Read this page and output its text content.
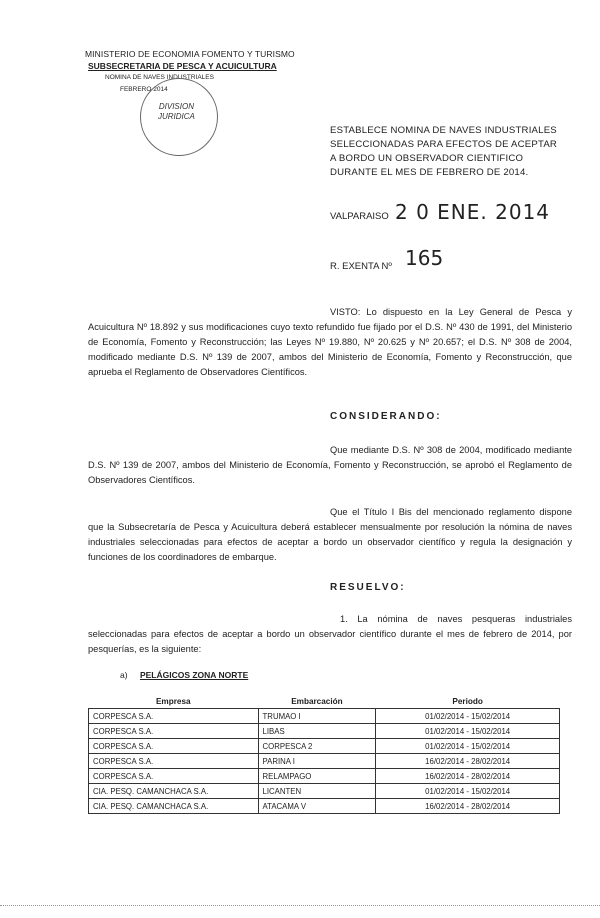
MINISTERIO DE ECONOMIA FOMENTO Y TURISMO
SUBSECRETARIA DE PESCA Y ACUICULTURA
NOMINA DE NAVES INDUSTRIALES
FEBRERO 2014
DIVISION
JURIDICA
ESTABLECE NOMINA DE NAVES INDUSTRIALES SELECCIONADAS PARA EFECTOS DE ACEPTAR A BORDO UN OBSERVADOR CIENTIFICO DURANTE EL MES DE FEBRERO DE 2014.
VALPARAISO 2 0 ENE. 2014
R. EXENTA Nº 165
VISTO: Lo dispuesto en la Ley General de Pesca y Acuicultura Nº 18.892 y sus modificaciones cuyo texto refundido fue fijado por el D.S. Nº 430 de 1991, del Ministerio de Economía, Fomento y Reconstrucción; las Leyes Nº 19.880, Nº 20.625 y Nº 20.657; el D.S. Nº 308 de 2004, modificado mediante D.S. Nº 139 de 2007, ambos del Ministerio de Economía, Fomento y Reconstrucción, que aprueba el Reglamento de Observadores Científicos.
CONSIDERANDO:
Que mediante D.S. Nº 308 de 2004, modificado mediante D.S. Nº 139 de 2007, ambos del Ministerio de Economía, Fomento y Reconstrucción, se aprobó el Reglamento de Observadores Científicos.
Que el Título I Bis del mencionado reglamento dispone que la Subsecretaría de Pesca y Acuicultura deberá establecer mensualmente por resolución la nómina de naves industriales seleccionadas para efectos de aceptar a bordo un observador científico y regula la designación y funciones de los coordinadores de embarque.
RESUELVO:
1. La nómina de naves pesqueras industriales seleccionadas para efectos de aceptar a bordo un observador científico durante el mes de febrero de 2014, por pesquerías, es la siguiente:
a) PELÁGICOS ZONA NORTE
Empresa	Embarcación	Periodo
CORPESCA S.A.	TRUMAO I	01/02/2014 - 15/02/2014
CORPESCA S.A.	LIBAS	01/02/2014 - 15/02/2014
CORPESCA S.A.	CORPESCA 2	01/02/2014 - 15/02/2014
CORPESCA S.A.	PARINA I	16/02/2014 - 28/02/2014
CORPESCA S.A.	RELAMPAGO	16/02/2014 - 28/02/2014
CIA. PESQ. CAMANCHACA S.A.	LICANTEN	01/02/2014 - 15/02/2014
CIA. PESQ. CAMANCHACA S.A.	ATACAMA V	16/02/2014 - 28/02/2014
